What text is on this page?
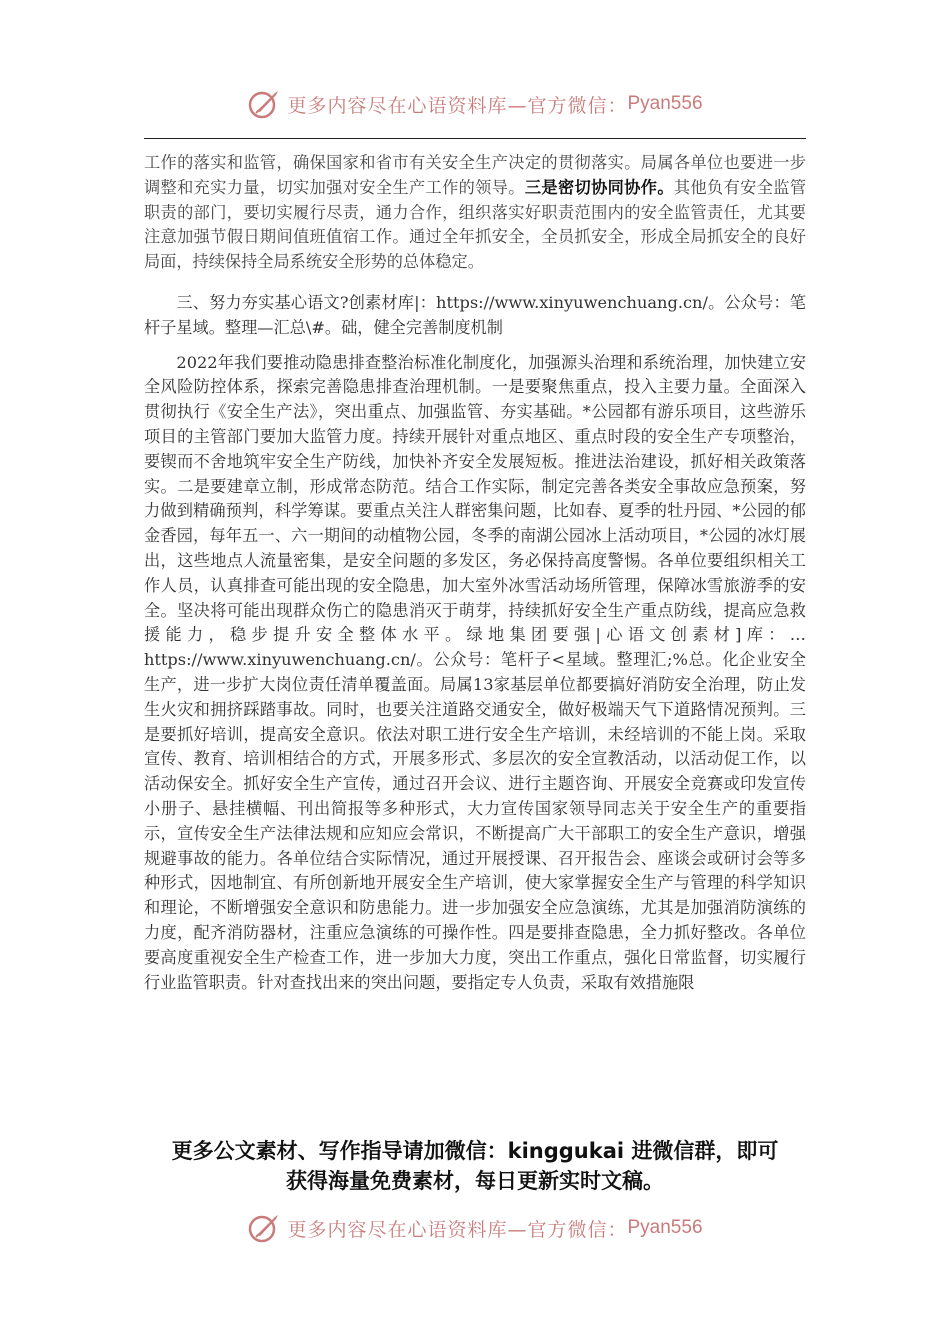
更多内容尽在心语资料库—官方微信： Pyan556

工作的落实和监管，确保国家和省市有关安全生产决定的贯彻落实。局属各单位也要进一步调整和充实力量，切实加强对安全生产工作的领导。三是密切协同协作。其他负有安全监管职责的部门，要切实履行尽责，通力合作，组织落实好职责范围内的安全监管责任，尤其要注意加强节假日期间值班值宿工作。通过全年抓安全，全员抓安全，形成全局抓安全的良好局面，持续保持全局系统安全形势的总体稳定。

三、努力夯实基心语文?创素材库|：https://www.xinyuwenchuang.cn/。公众号：笔杆子星域。整理—汇总\#。础，健全完善制度机制

2022年我们要推动隐患排查整治标准化制度化，加强源头治理和系统治理，加快建立安全风险防控体系，探索完善隐患排查治理机制。一是要聚焦重点，投入主要力量。全面深入贯彻执行《安全生产法》，突出重点、加强监管、夯实基础。*公园都有游乐项目，这些游乐项目的主管部门要加大监管力度。持续开展针对重点地区、重点时段的安全生产专项整治，要锲而不舍地筑牢安全生产防线，加快补齐安全发展短板。推进法治建设，抓好相关政策落实。二是要建章立制，形成常态防范。结合工作实际，制定完善各类安全事故应急预案，努力做到精确预判，科学筹谋。要重点关注人群密集问题，比如春、夏季的牡丹园、*公园的郁金香园，每年五一、六一期间的动植物公园，冬季的南湖公园冰上活动项目，*公园的冰灯展出，这些地点人流量密集，是安全问题的多发区，务必保持高度警惕。各单位要组织相关工作人员，认真排查可能出现的安全隐患，加大室外冰雪活动场所管理，保障冰雪旅游季的安全。坚决将可能出现群众伤亡的隐患消灭于萌芽，持续抓好安全生产重点防线，提高应急救援能力，稳步提升安全整体水平。绿地集团要强|心语文创素材]库：…https://www.xinyuwenchuang.cn/。公众号：笔杆子<星域。整理汇;%总。化企业安全生产，进一步扩大岗位责任清单覆盖面。局属13家基层单位都要搞好消防安全治理，防止发生火灾和拥挤踩踏事故。同时，也要关注道路交通安全，做好极端天气下道路情况预判。三是要抓好培训，提高安全意识。依法对职工进行安全生产培训，未经培训的不能上岗。采取宣传、教育、培训相结合的方式，开展多形式、多层次的安全宣教活动，以活动促工作，以活动保安全。抓好安全生产宣传，通过召开会议、进行主题咨询、开展安全竞赛或印发宣传小册子、悬挂横幅、刊出简报等多种形式，大力宣传国家领导同志关于安全生产的重要指示，宣传安全生产法律法规和应知应会常识，不断提高广大干部职工的安全生产意识，增强规避事故的能力。各单位结合实际情况，通过开展授课、召开报告会、座谈会或研讨会等多种形式，因地制宜、有所创新地开展安全生产培训，使大家掌握安全生产与管理的科学知识和理论，不断增强安全意识和防患能力。进一步加强安全应急演练，尤其是加强消防演练的力度，配齐消防器材，注重应急演练的可操作性。四是要排查隐患，全力抓好整改。各单位要高度重视安全生产检查工作，进一步加大力度，突出工作重点，强化日常监督，切实履行行业监管职责。针对查找出来的突出问题，要指定专人负责，采取有效措施限

更多公文素材、写作指导请加微信：kinggukai 进微信群，即可
获得海量免费素材，每日更新实时文稿。
更多内容尽在心语资料库—官方微信： Pyan556
